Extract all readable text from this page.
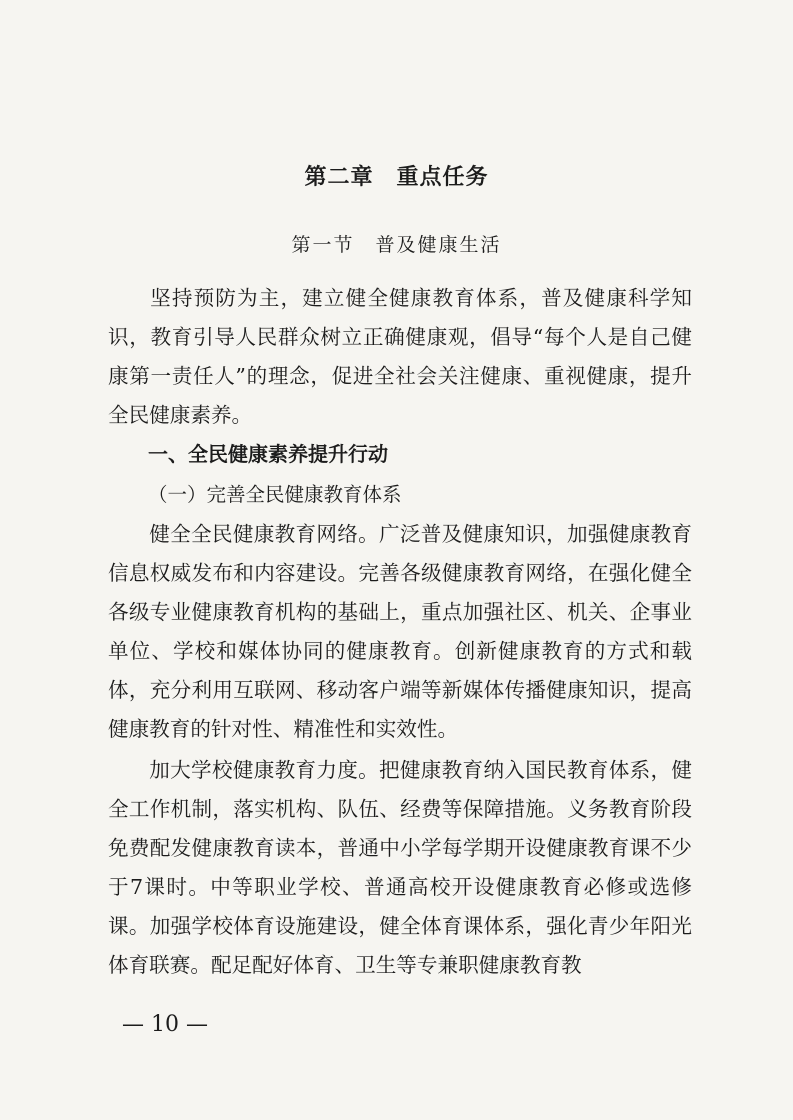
第二章　重点任务
第一节　普及健康生活

坚持预防为主，建立健全健康教育体系，普及健康科学知识，教育引导人民群众树立正确健康观，倡导“每个人是自己健康第一责任人”的理念，促进全社会关注健康、重视健康，提升全民健康素养。

一、全民健康素养提升行动
（一）完善全民健康教育体系

健全全民健康教育网络。广泛普及健康知识，加强健康教育信息权威发布和内容建设。完善各级健康教育网络，在强化健全各级专业健康教育机构的基础上，重点加强社区、机关、企事业单位、学校和媒体协同的健康教育。创新健康教育的方式和载体，充分利用互联网、移动客户端等新媒体传播健康知识，提高健康教育的针对性、精准性和实效性。

加大学校健康教育力度。把健康教育纳入国民教育体系，健全工作机制，落实机构、队伍、经费等保障措施。义务教育阶段免费配发健康教育读本，普通中小学每学期开设健康教育课不少于7课时。中等职业学校、普通高校开设健康教育必修或选修课。加强学校体育设施建设，健全体育课体系，强化青少年阳光体育联赛。配足配好体育、卫生等专兼职健康教育教

— 10 —
